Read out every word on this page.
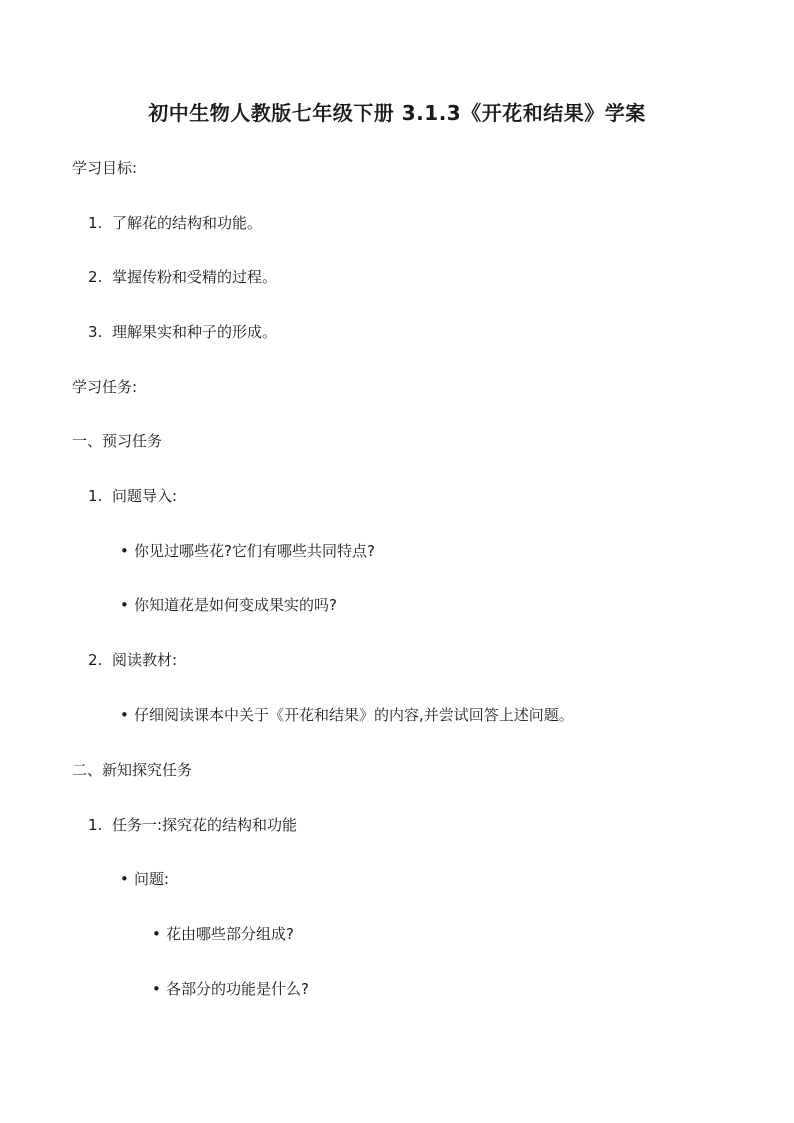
初中生物人教版七年级下册 3.1.3《开花和结果》学案

学习目标:

1. 了解花的结构和功能。

2. 掌握传粉和受精的过程。

3. 理解果实和种子的形成。

学习任务:

一、预习任务

1. 问题导入:

• 你见过哪些花?它们有哪些共同特点?

• 你知道花是如何变成果实的吗?

2. 阅读教材:

• 仔细阅读课本中关于《开花和结果》的内容,并尝试回答上述问题。

二、新知探究任务

1. 任务一:探究花的结构和功能

• 问题:

• 花由哪些部分组成?

• 各部分的功能是什么?
